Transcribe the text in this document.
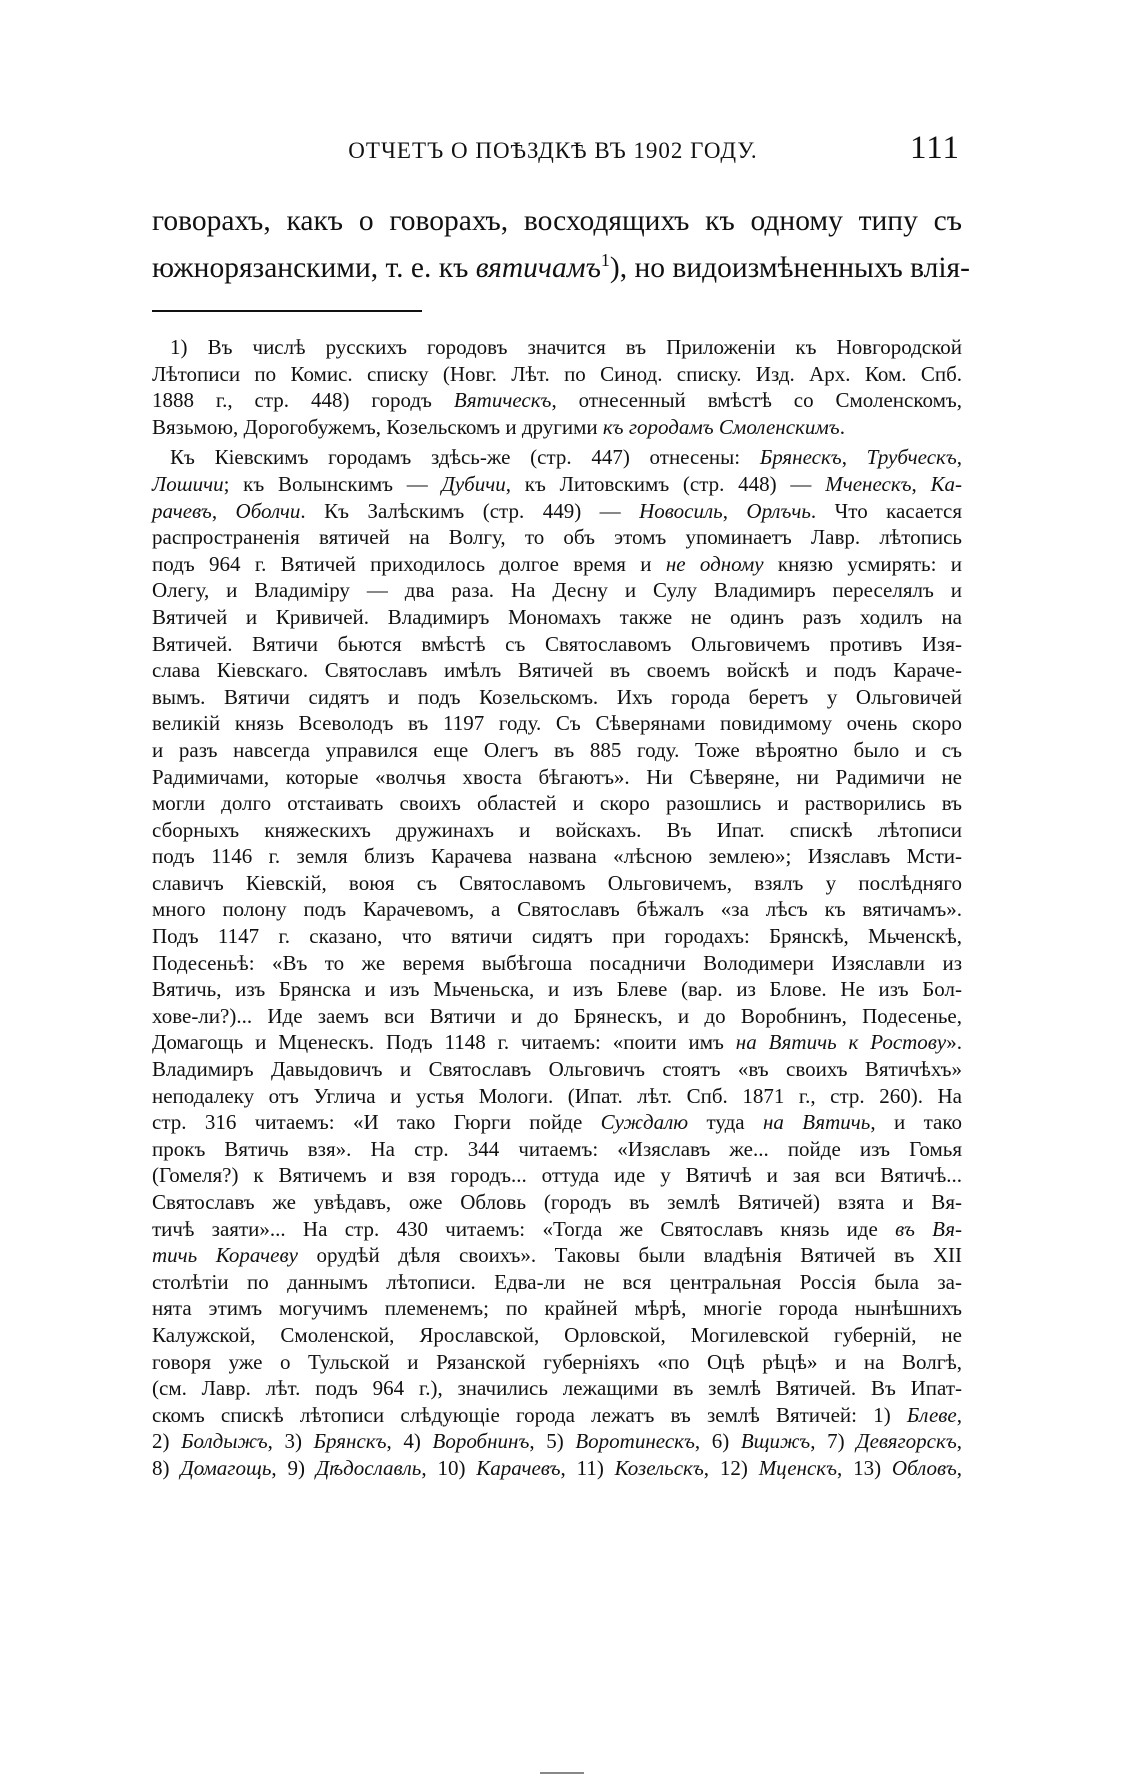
ОТЧЕТЪ О ПОѢЗДКѢ ВЪ 1902 ГОДУ.	111
говорахъ, какъ о говорахъ, восходящихъ къ одному типу съ
южнорязанскими, т. е. къ вятичамъ$^1$), но видоизмѣненныхъ влія-
1) Въ числѣ русскихъ городовъ значится въ Приложеніи къ Новгородской
Лѣтописи по Комис. списку (Новг. Лѣт. по Синод. списку. Изд. Арх. Ком. Спб.
1888 г., стр. 448) городъ Вятическъ, отнесенный вмѣстѣ со Смоленскомъ,
Вязьмою, Дорогобужемъ, Козельскомъ и другими къ городамъ Смоленскимъ.
Къ Кіевскимъ городамъ здѣсь-же (стр. 447) отнесены: Брянескъ, Трубческъ,
Лошичи; къ Волынскимъ — Дубичи, къ Литовскимъ (стр. 448) — Мченескъ, Ка-
рачевъ, Оболчи. Къ Залѣскимъ (стр. 449) — Новосиль, Орлъчь. Что касается
распространенія вятичей на Волгу, то объ этомъ упоминаетъ Лавр. лѣтопись
подъ 964 г. Вятичей приходилось долгое время и не одному князю усмирять: и
Олегу, и Владиміру — два раза. На Десну и Сулу Владимиръ переселялъ и
Вятичей и Кривичей. Владимиръ Мономахъ также не одинъ разъ ходилъ на
Вятичей. Вятичи бьются вмѣстѣ съ Святославомъ Ольговичемъ противъ Изя-
слава Кіевскаго. Святославъ имѣлъ Вятичей въ своемъ войскѣ и подъ Караче-
вымъ. Вятичи сидятъ и подъ Козельскомъ. Ихъ города беретъ у Ольговичей
великій князь Всеволодъ въ 1197 году. Съ Сѣверянами повидимому очень скоро
и разъ навсегда управился еще Олегъ въ 885 году. Тоже вѣроятно было и съ
Радимичами, которые «волчья хвоста бѣгаютъ». Ни Сѣверяне, ни Радимичи не
могли долго отстаивать своихъ областей и скоро разошлись и растворились въ
сборныхъ княжескихъ дружинахъ и войскахъ. Въ Ипат. спискѣ лѣтописи
подъ 1146 г. земля близъ Карачева названа «лѣсною землею»; Изяславъ Мсти-
славичъ Кіевскій, воюя съ Святославомъ Ольговичемъ, взялъ у послѣдняго
много полону подъ Карачевомъ, а Святославъ бѣжалъ «за лѣсъ къ вятичамъ».
Подъ 1147 г. сказано, что вятичи сидятъ при городахъ: Брянскѣ, Мьченскѣ,
Подесеньѣ: «Въ то же веремя выбѣгоша посадничи Володимери Изяславли из
Вятичь, изъ Брянска и изъ Мьченьска, и изъ Блеве (вар. из Блове. Не изъ Бол-
хове-ли?)... Иде заемъ вси Вятичи и до Брянескъ, и до Воробнинъ, Подесенье,
Домагощь и Мценескъ. Подъ 1148 г. читаемъ: «поити имъ на Вятичь к Ростову».
Владимиръ Давыдовичъ и Святославъ Ольговичъ стоятъ «въ своихъ Вятичѣхъ»
неподалеку отъ Углича и устья Мологи. (Ипат. лѣт. Спб. 1871 г., стр. 260). На
стр. 316 читаемъ: «И тако Гюрги пойде Суждалю туда на Вятичь, и тако
прокъ Вятичь взя». На стр. 344 читаемъ: «Изяславъ же... пойде изъ Гомья
(Гомеля?) к Вятичемъ и взя городъ... оттуда иде у Вятичѣ и зая вси Вятичѣ...
Святославъ же увѣдавъ, оже Обловь (городъ въ землѣ Вятичей) взята и Вя-
тичѣ заяти»... На стр. 430 читаемъ: «Тогда же Святославъ князь иде въ Вя-
тичь Корачеву орудѣй дѣля своихъ». Таковы были владѣнія Вятичей въ XII
столѣтіи по даннымъ лѣтописи. Едва-ли не вся центральная Россія была за-
нята этимъ могучимъ племенемъ; по крайней мѣрѣ, многіе города нынѣшнихъ
Калужской, Смоленской, Ярославской, Орловской, Могилевской губерній, не
говоря уже о Тульской и Рязанской губерніяхъ «по Оцѣ рѣцѣ» и на Волгѣ,
(см. Лавр. лѣт. подъ 964 г.), значились лежащими въ землѣ Вятичей. Въ Ипат-
скомъ спискѣ лѣтописи слѣдующіе города лежатъ въ землѣ Вятичей: 1) Блеве,
2) Болдыжъ, 3) Брянскъ, 4) Воробнинъ, 5) Воротинескъ, 6) Вщижъ, 7) Девягорскъ,
8) Домагощь, 9) Дѣдославль, 10) Карачевъ, 11) Козельскъ, 12) Мценскъ, 13) Обловъ,
